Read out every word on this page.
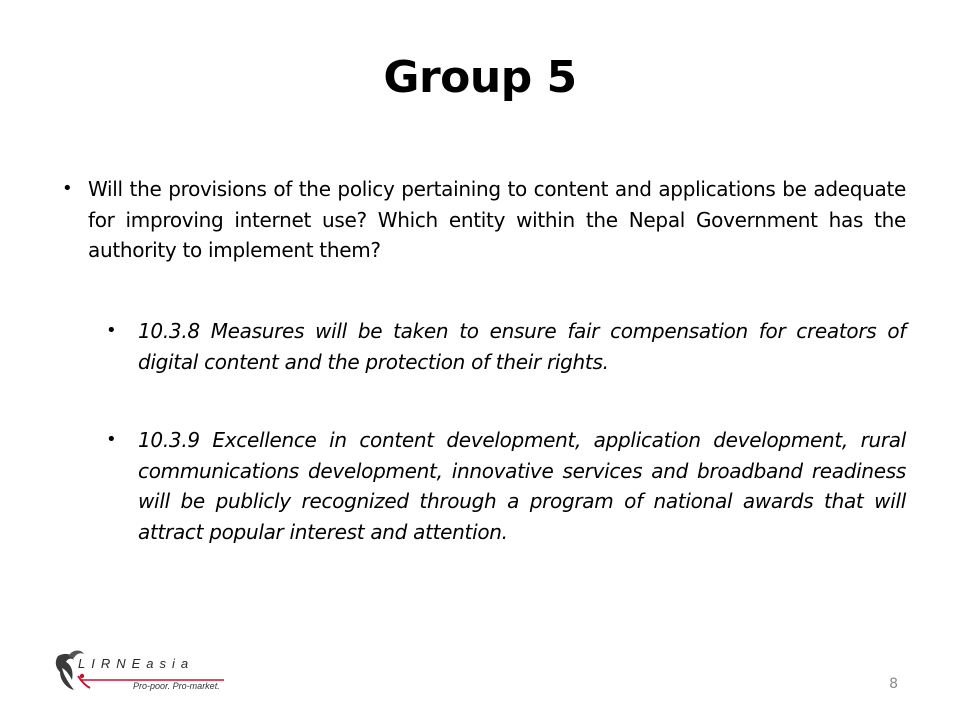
Group 5
• Will the provisions of the policy pertaining to content and applications be adequate for improving internet use? Which entity within the Nepal Government has the authority to implement them?
• 10.3.8 Measures will be taken to ensure fair compensation for creators of digital content and the protection of their rights.
• 10.3.9 Excellence in content development, application development, rural communications development, innovative services and broadband readiness will be publicly recognized through a program of national awards that will attract popular interest and attention.
LIRNEasia
Pro-poor. Pro-market.	8
